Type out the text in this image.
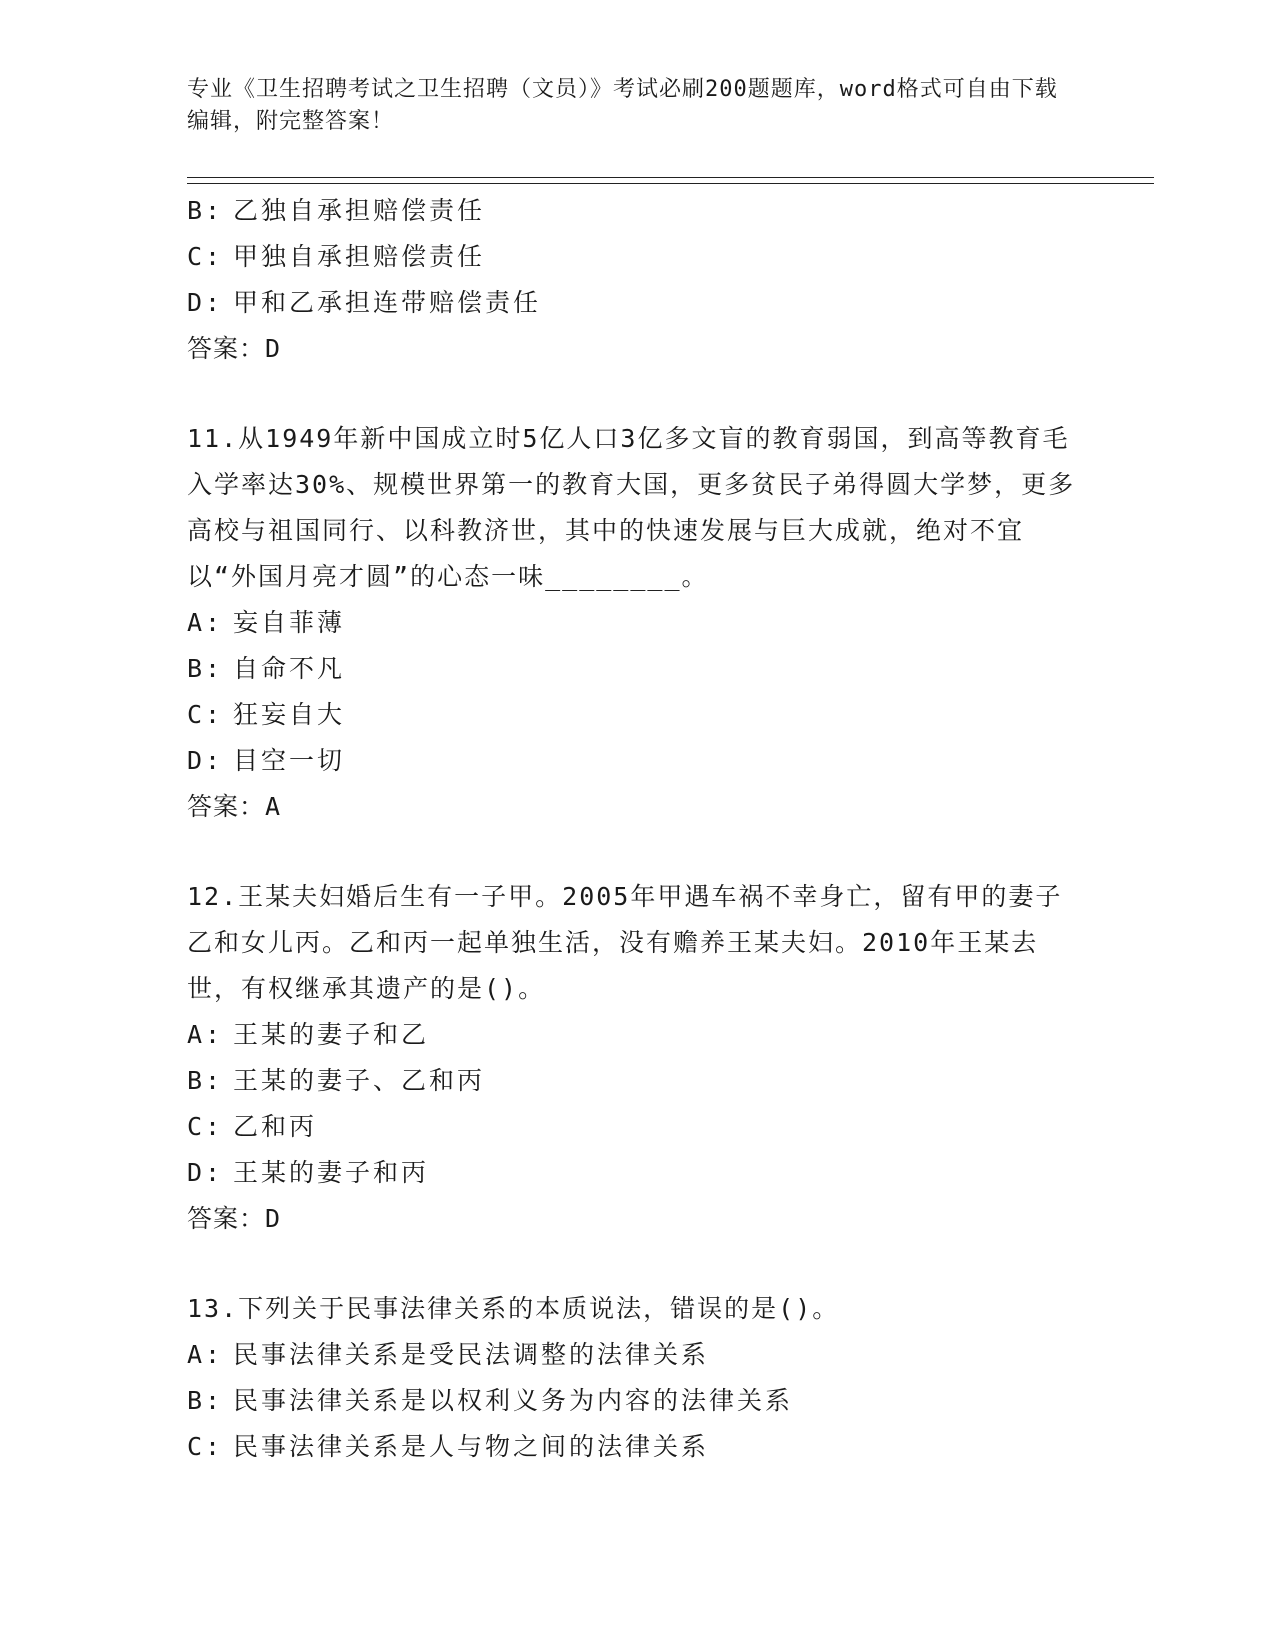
专业《卫生招聘考试之卫生招聘（文员）》考试必刷200题题库，word格式可自由下载编辑，附完整答案！
B: 乙独自承担赔偿责任
C: 甲独自承担赔偿责任
D: 甲和乙承担连带赔偿责任
答案：D
11.从1949年新中国成立时5亿人口3亿多文盲的教育弱国，到高等教育毛入学率达30%、规模世界第一的教育大国，更多贫民子弟得圆大学梦，更多高校与祖国同行、以科教济世，其中的快速发展与巨大成就，绝对不宜以“外国月亮才圆”的心态一味________。
A: 妄自菲薄
B: 自命不凡
C: 狂妄自大
D: 目空一切
答案：A
12.王某夫妇婚后生有一子甲。2005年甲遇车祸不幸身亡，留有甲的妻子乙和女儿丙。乙和丙一起单独生活，没有赡养王某夫妇。2010年王某去世，有权继承其遗产的是()。
A: 王某的妻子和乙
B: 王某的妻子、乙和丙
C: 乙和丙
D: 王某的妻子和丙
答案：D
13.下列关于民事法律关系的本质说法，错误的是()。
A: 民事法律关系是受民法调整的法律关系
B: 民事法律关系是以权利义务为内容的法律关系
C: 民事法律关系是人与物之间的法律关系
